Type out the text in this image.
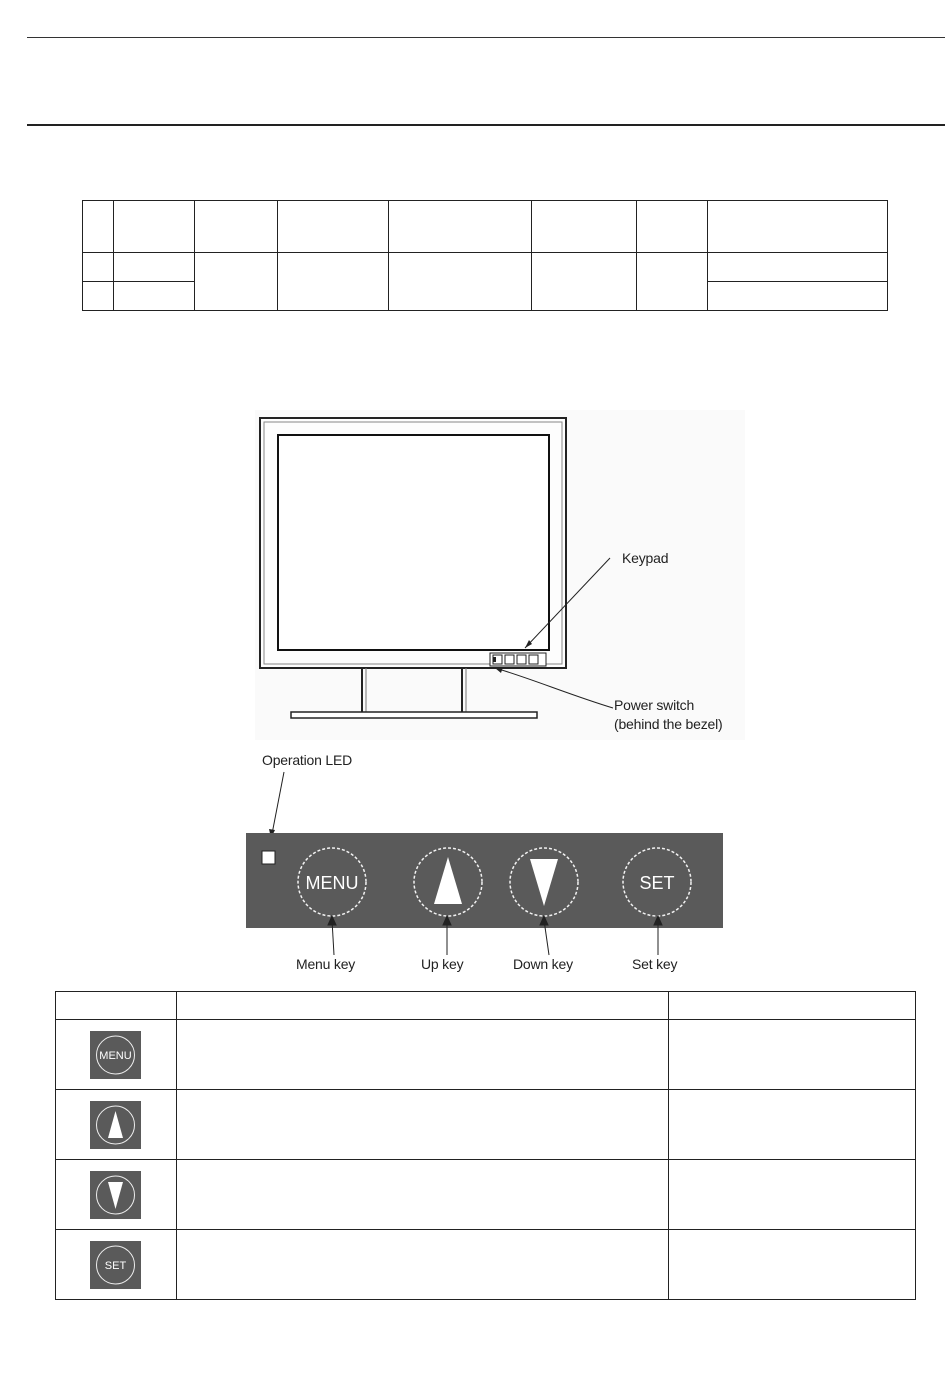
MENU	SET
Keypad
Power switch
(behind the bezel)
Operation LED
Menu key	Up key	Down key	Set key

MENU		

SET		
